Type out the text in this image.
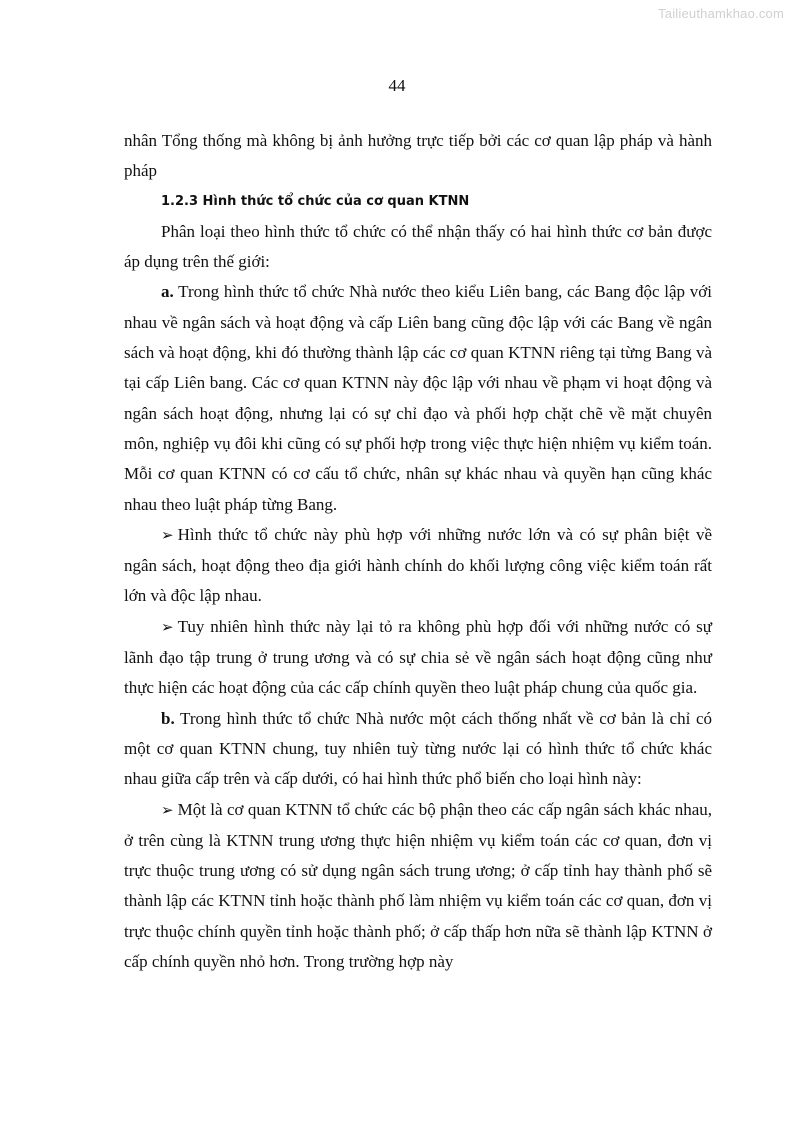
Tailieuthamkhao.com
44

nhân Tổng thống mà không bị ảnh hưởng trực tiếp bởi các cơ quan lập pháp và hành pháp

1.2.3 Hình thức tổ chức của cơ quan KTNN

Phân loại theo hình thức tổ chức có thể nhận thấy có hai hình thức cơ bản được áp dụng trên thế giới:

a. Trong hình thức tổ chức Nhà nước theo kiểu Liên bang, các Bang độc lập với nhau về ngân sách và hoạt động và cấp Liên bang cũng độc lập với các Bang về ngân sách và hoạt động, khi đó thường thành lập các cơ quan KTNN riêng tại từng Bang và tại cấp Liên bang. Các cơ quan KTNN này độc lập với nhau về phạm vi hoạt động và ngân sách hoạt động, nhưng lại có sự chỉ đạo và phối hợp chặt chẽ về mặt chuyên môn, nghiệp vụ đôi khi cũng có sự phối hợp trong việc thực hiện nhiệm vụ kiểm toán. Mỗi cơ quan KTNN có cơ cấu tổ chức, nhân sự khác nhau và quyền hạn cũng khác nhau theo luật pháp từng Bang.

➢ Hình thức tổ chức này phù hợp với những nước lớn và có sự phân biệt về ngân sách, hoạt động theo địa giới hành chính do khối lượng công việc kiểm toán rất lớn và độc lập nhau.

➢ Tuy nhiên hình thức này lại tỏ ra không phù hợp đối với những nước có sự lãnh đạo tập trung ở trung ương và có sự chia sẻ về ngân sách hoạt động cũng như thực hiện các hoạt động của các cấp chính quyền theo luật pháp chung của quốc gia.

b. Trong hình thức tổ chức Nhà nước một cách thống nhất về cơ bản là chỉ có một cơ quan KTNN chung, tuy nhiên tuỳ từng nước lại có hình thức tổ chức khác nhau giữa cấp trên và cấp dưới, có hai hình thức phổ biến cho loại hình này:

➢ Một là cơ quan KTNN tổ chức các bộ phận theo các cấp ngân sách khác nhau, ở trên cùng là KTNN trung ương thực hiện nhiệm vụ kiểm toán các cơ quan, đơn vị trực thuộc trung ương có sử dụng ngân sách trung ương; ở cấp tỉnh hay thành phố sẽ thành lập các KTNN tỉnh hoặc thành phố làm nhiệm vụ kiểm toán các cơ quan, đơn vị trực thuộc chính quyền tỉnh hoặc thành phố; ở cấp thấp hơn nữa sẽ thành lập KTNN ở cấp chính quyền nhỏ hơn. Trong trường hợp này
